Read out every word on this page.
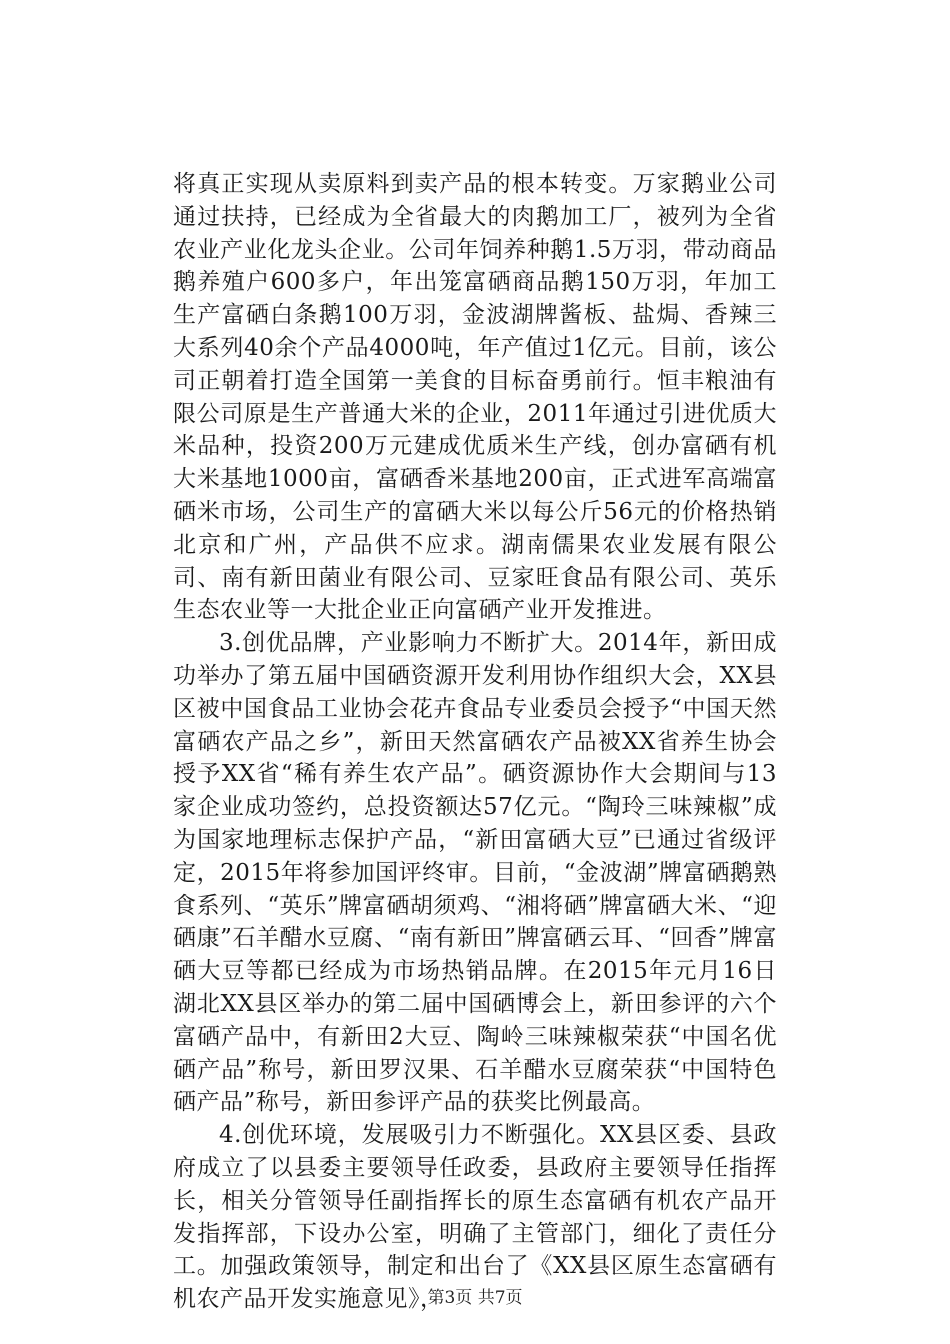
将真正实现从卖原料到卖产品的根本转变。万家鹅业公司通过扶持，已经成为全省最大的肉鹅加工厂，被列为全省农业产业化龙头企业。公司年饲养种鹅1.5万羽，带动商品鹅养殖户600多户，年出笼富硒商品鹅150万羽，年加工生产富硒白条鹅100万羽，金波湖牌酱板、盐焗、香辣三大系列40余个产品4000吨，年产值过1亿元。目前，该公司正朝着打造全国第一美食的目标奋勇前行。恒丰粮油有限公司原是生产普通大米的企业，2011年通过引进优质大米品种，投资200万元建成优质米生产线，创办富硒有机大米基地1000亩，富硒香米基地200亩，正式进军高端富硒米市场，公司生产的富硒大米以每公斤56元的价格热销北京和广州，产品供不应求。湖南儒果农业发展有限公司、南有新田菌业有限公司、豆家旺食品有限公司、英乐生态农业等一大批企业正向富硒产业开发推进。

3.创优品牌，产业影响力不断扩大。2014年，新田成功举办了第五届中国硒资源开发利用协作组织大会，XX县区被中国食品工业协会花卉食品专业委员会授予“中国天然富硒农产品之乡”，新田天然富硒农产品被XX省养生协会授予XX省“稀有养生农产品”。硒资源协作大会期间与13家企业成功签约，总投资额达57亿元。“陶玲三味辣椒”成为国家地理标志保护产品，“新田富硒大豆”已通过省级评定，2015年将参加国评终审。目前，“金波湖”牌富硒鹅熟食系列、“英乐”牌富硒胡须鸡、“湘将硒”牌富硒大米、“迎硒康”石羊醋水豆腐、“南有新田”牌富硒云耳、“回香”牌富硒大豆等都已经成为市场热销品牌。在2015年元月16日湖北XX县区举办的第二届中国硒博会上，新田参评的六个富硒产品中，有新田2大豆、陶岭三味辣椒荣获“中国名优硒产品”称号，新田罗汉果、石羊醋水豆腐荣获“中国特色硒产品”称号，新田参评产品的获奖比例最高。

4.创优环境，发展吸引力不断强化。XX县区委、县政府成立了以县委主要领导任政委，县政府主要领导任指挥长，相关分管领导任副指挥长的原生态富硒有机农产品开发指挥部，下设办公室，明确了主管部门，细化了责任分工。加强政策领导，制定和出台了《XX县区原生态富硒有机农产品开发实施意见》，

第3页 共7页
